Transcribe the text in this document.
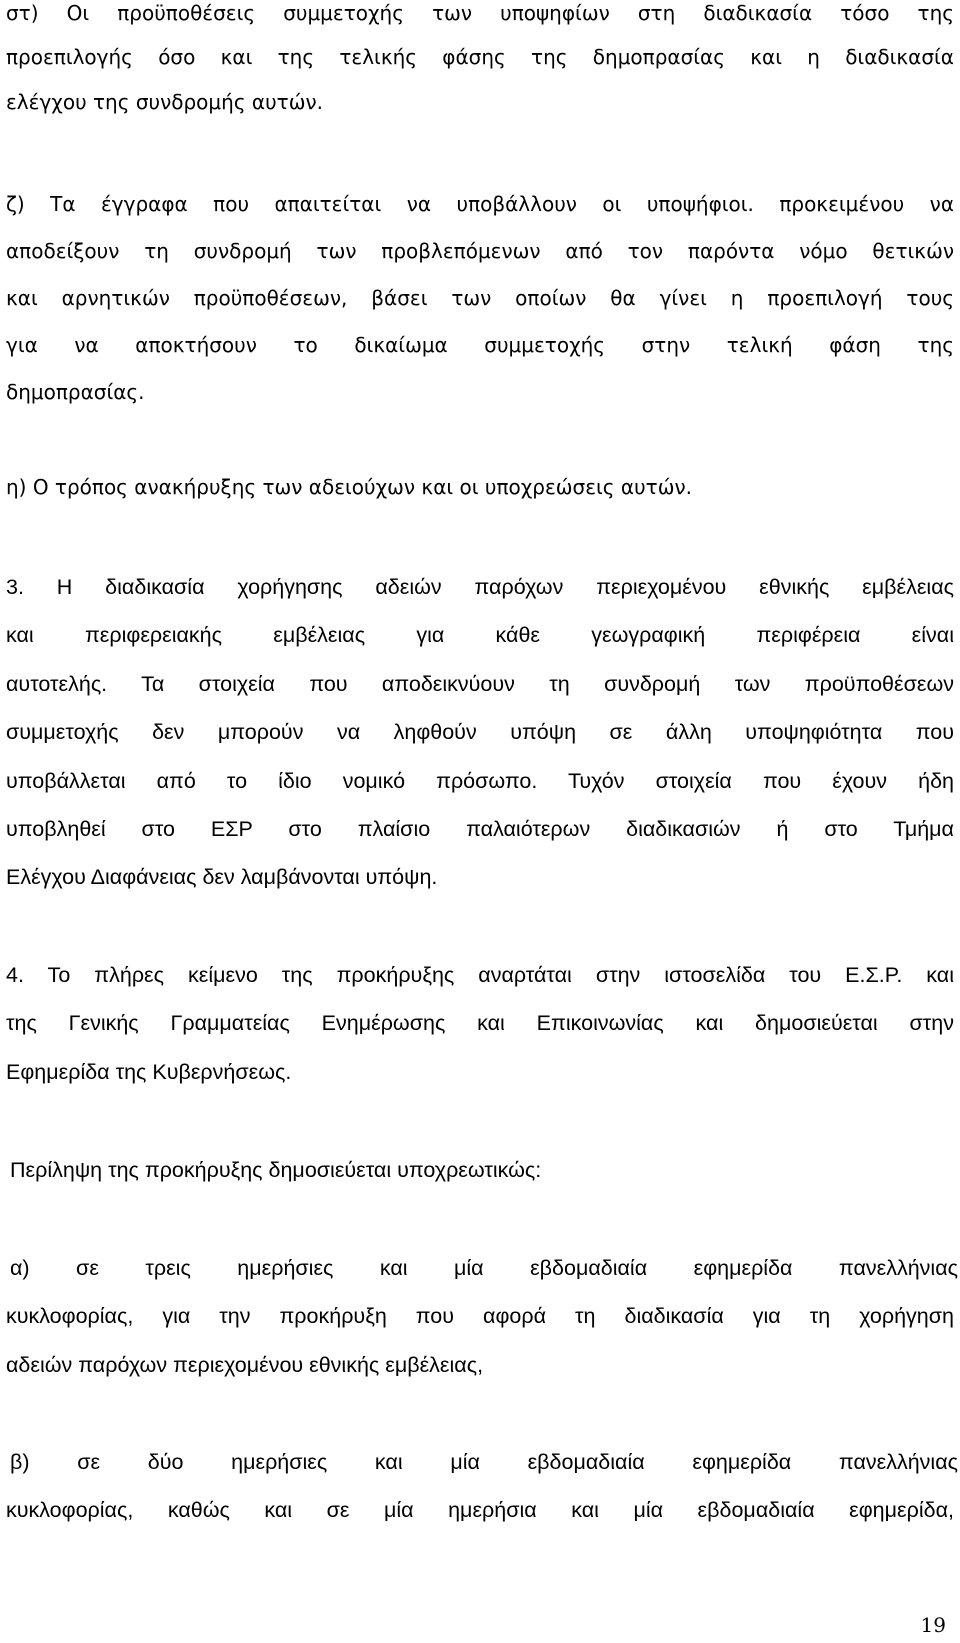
στ) Οι προϋποθέσεις συμμετοχής των υποψηφίων στη διαδικασία τόσο της
προεπιλογής όσο και της τελικής φάσης της δημοπρασίας και η διαδικασία
ελέγχου της συνδρομής αυτών.
ζ) Τα έγγραφα που απαιτείται να υποβάλλουν οι υποψήφιοι. προκειμένου να
αποδείξουν τη συνδρομή των προβλεπόμενων από τον παρόντα νόμο θετικών
και αρνητικών προϋποθέσεων, βάσει των οποίων θα γίνει η προεπιλογή τους
για να αποκτήσουν το δικαίωμα συμμετοχής στην τελική φάση της
δημοπρασίας.
η) Ο τρόπος ανακήρυξης των αδειούχων και οι υποχρεώσεις αυτών.
3. Η διαδικασία χορήγησης αδειών παρόχων περιεχομένου εθνικής εμβέλειας
και περιφερειακής εμβέλειας για κάθε γεωγραφική περιφέρεια είναι
αυτοτελής. Τα στοιχεία που αποδεικνύουν τη συνδρομή των προϋποθέσεων
συμμετοχής δεν μπορούν να ληφθούν υπόψη σε άλλη υποψηφιότητα που
υποβάλλεται από το ίδιο νομικό πρόσωπο. Τυχόν στοιχεία που έχουν ήδη
υποβληθεί στο ΕΣΡ στο πλαίσιο παλαιότερων διαδικασιών ή στο Τμήμα
Ελέγχου Διαφάνειας δεν λαμβάνονται υπόψη.
4. Το πλήρες κείμενο της προκήρυξης αναρτάται στην ιστοσελίδα του Ε.Σ.Ρ. και
της Γενικής Γραμματείας Ενημέρωσης και Επικοινωνίας και δημοσιεύεται στην
Εφημερίδα της Κυβερνήσεως.
Περίληψη της προκήρυξης δημοσιεύεται υποχρεωτικώς:
α) σε τρεις ημερήσιες και μία εβδομαδιαία εφημερίδα πανελλήνιας
κυκλοφορίας, για την προκήρυξη που αφορά τη διαδικασία για τη χορήγηση
αδειών παρόχων περιεχομένου εθνικής εμβέλειας,
β) σε δύο ημερήσιες και μία εβδομαδιαία εφημερίδα πανελλήνιας
κυκλοφορίας, καθώς και σε μία ημερήσια και μία εβδομαδιαία εφημερίδα,
19
